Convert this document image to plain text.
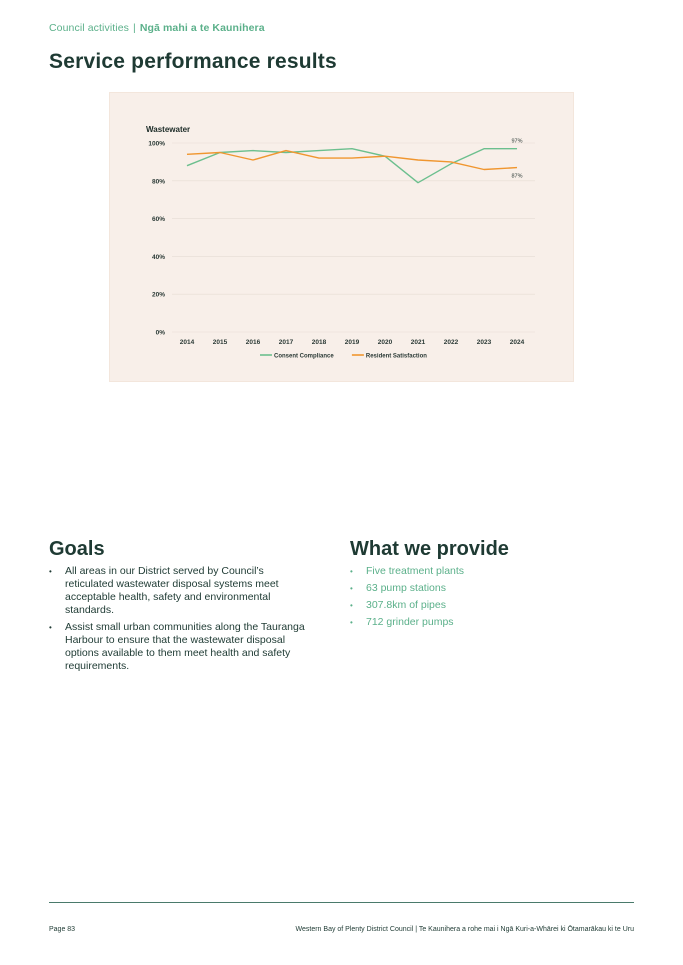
Council activities | Ngā mahi a te Kaunihera
Service performance results
Wastewater
0%
20%
40%
60%
80%
100%
2014	2015	2016	2017	2018	2019	2020	2021	2022	2023	2024
97%
87%
Consent Compliance	Resident Satisfaction
Goals
• All areas in our District served by Council’s reticulated wastewater disposal systems meet acceptable health, safety and environmental standards.
• Assist small urban communities along the Tauranga Harbour to ensure that the wastewater disposal options available to them meet health and safety requirements.
What we provide
• Five treatment plants
• 63 pump stations
• 307.8km of pipes
• 712 grinder pumps
Page 83	Western Bay of Plenty District Council | Te Kaunihera a rohe mai i Ngā Kuri-a-Whārei ki Ōtamarākau ki te Uru
